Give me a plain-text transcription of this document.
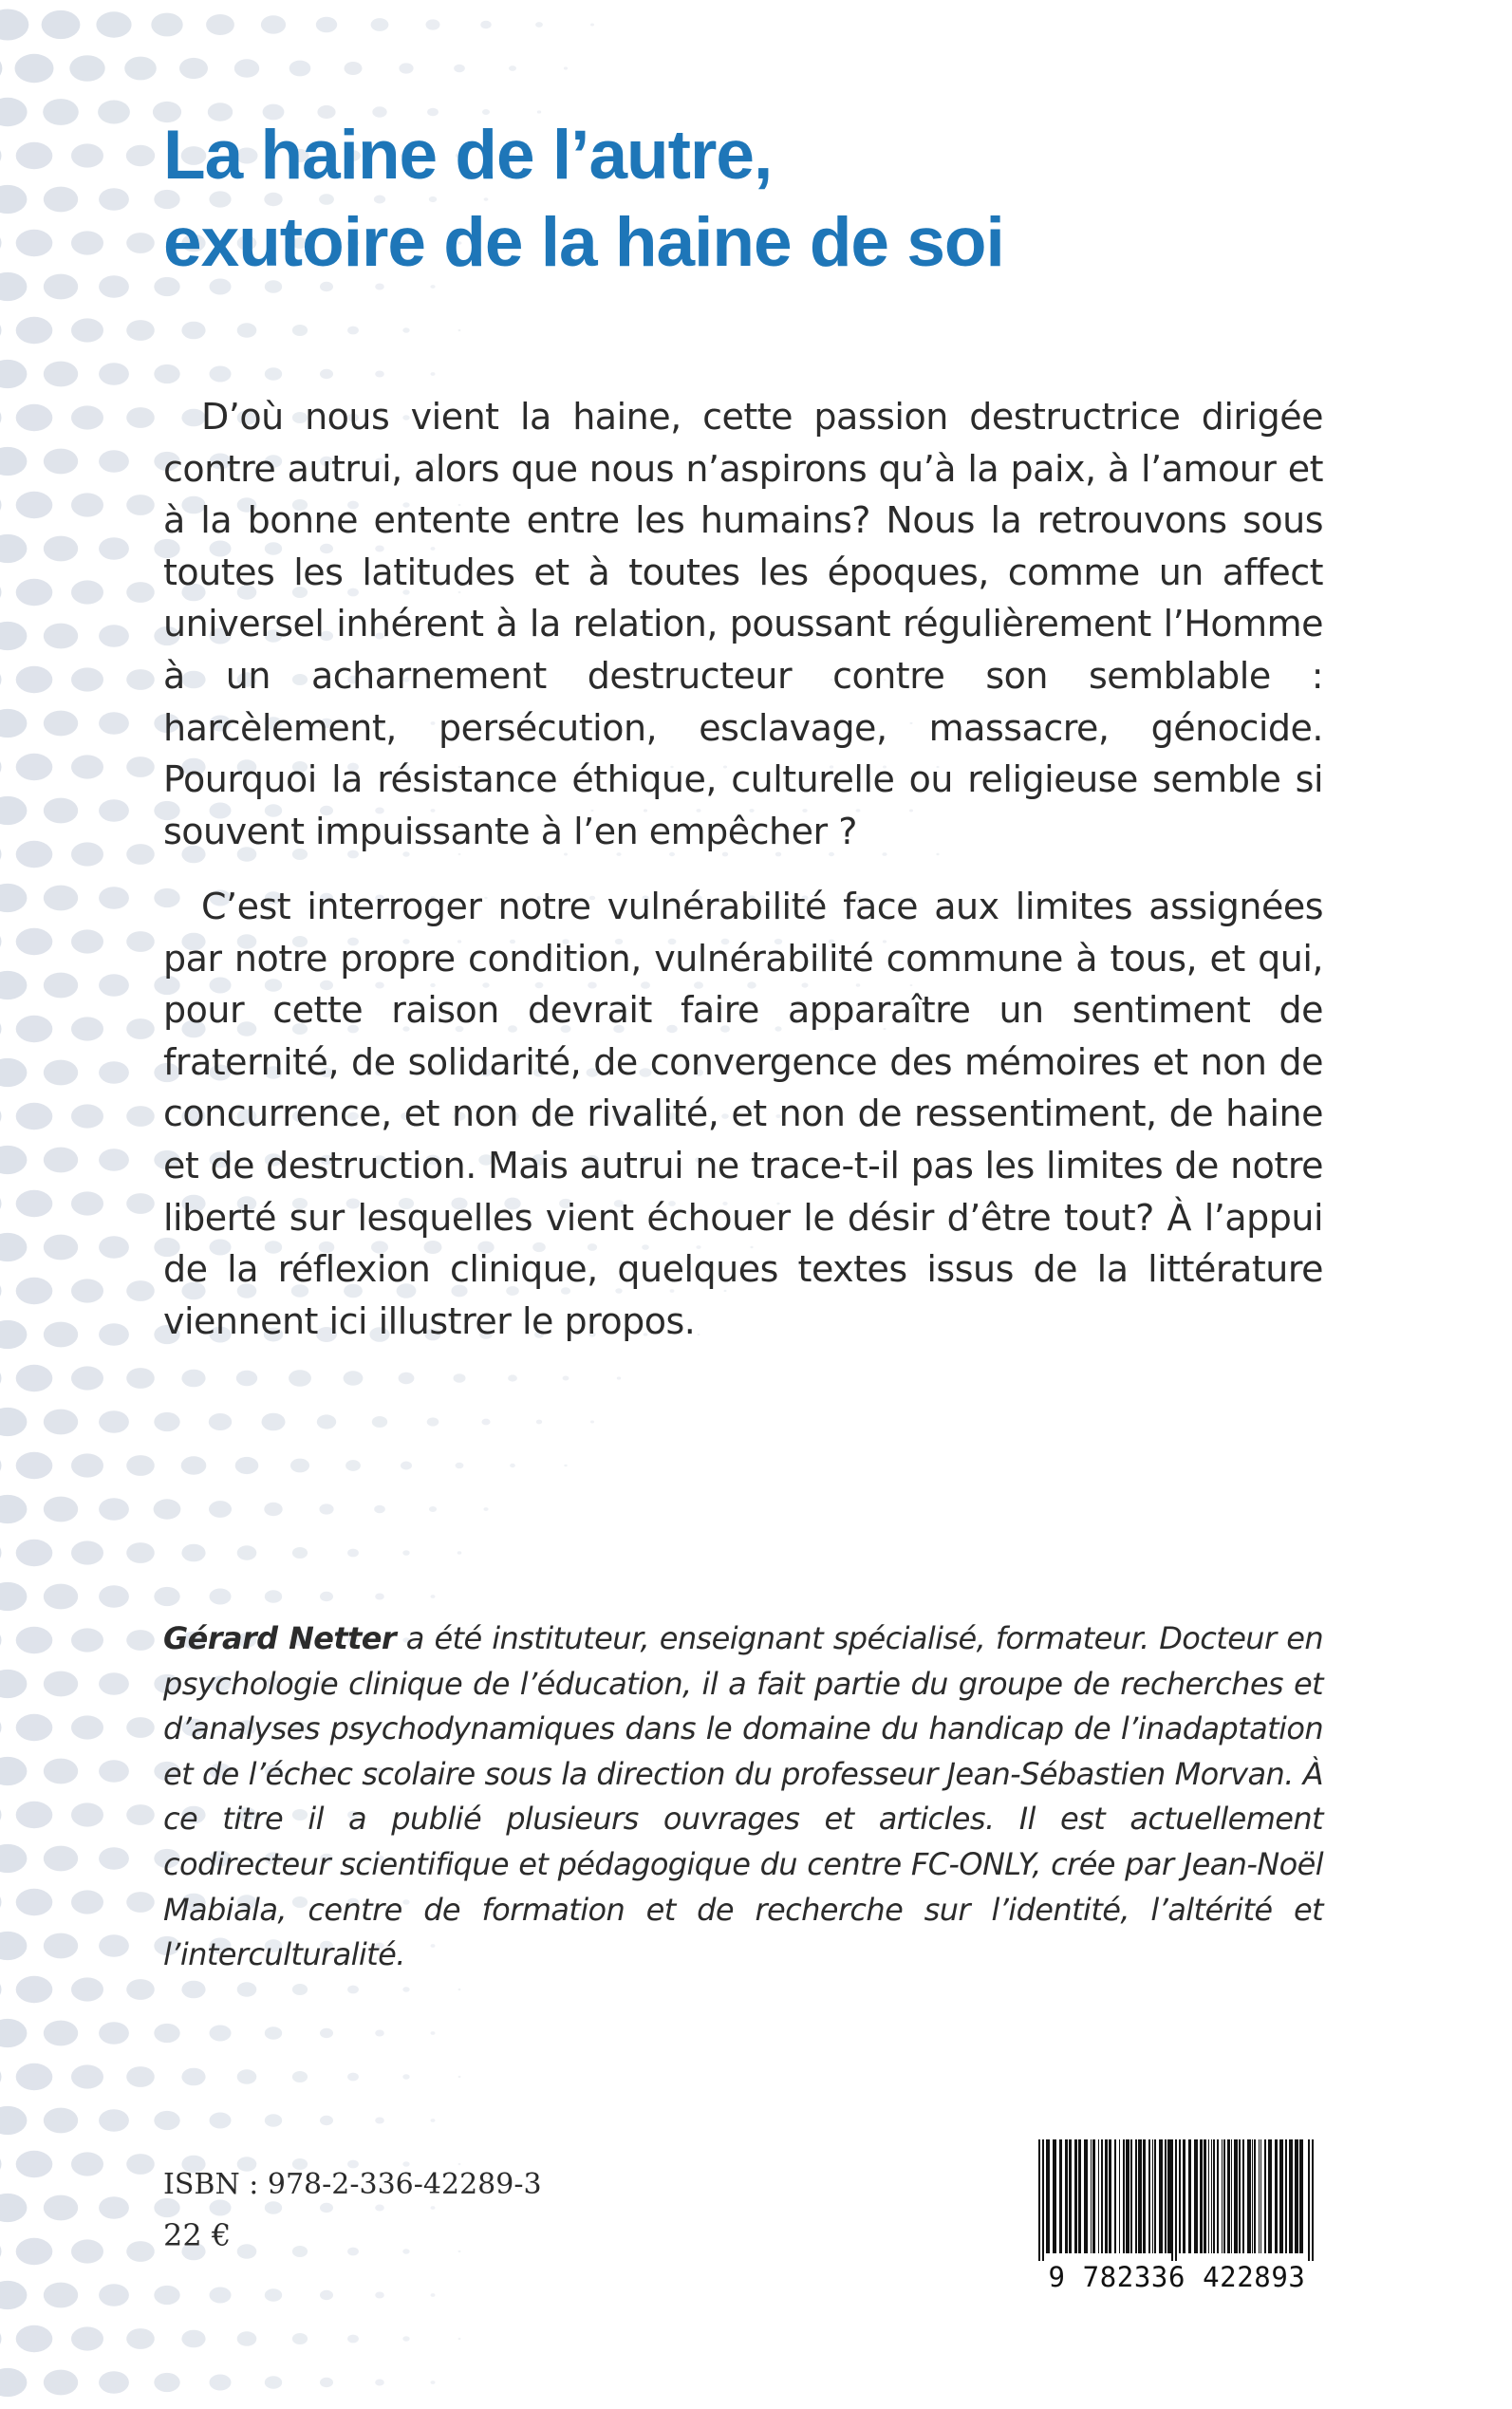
La haine de l’autre,
exutoire de la haine de soi

D’où nous vient la haine, cette passion destructrice dirigée contre autrui, alors que nous n’aspirons qu’à la paix, à l’amour et à la bonne entente entre les humains? Nous la retrouvons sous toutes les latitudes et à toutes les époques, comme un affect universel inhérent à la relation, poussant régulièrement l’Homme à un acharnement destructeur contre son semblable : harcèlement, persécution, esclavage, massacre, génocide. Pourquoi la résistance éthique, culturelle ou religieuse semble si souvent impuissante à l’en empêcher ?

C’est interroger notre vulnérabilité face aux limites assignées par notre propre condition, vulnérabilité commune à tous, et qui, pour cette raison devrait faire apparaître un sentiment de fraternité, de solidarité, de convergence des mémoires et non de concurrence, et non de rivalité, et non de ressentiment, de haine et de destruction. Mais autrui ne trace-t-il pas les limites de notre liberté sur lesquelles vient échouer le désir d’être tout? À l’appui de la réflexion clinique, quelques textes issus de la littérature viennent ici illustrer le propos.

Gérard Netter a été instituteur, enseignant spécialisé, formateur. Docteur en psychologie clinique de l’éducation, il a fait partie du groupe de recherches et d’analyses psychodynamiques dans le domaine du handicap de l’inadaptation et de l’échec scolaire sous la direction du professeur Jean-Sébastien Morvan. À ce titre il a publié plusieurs ouvrages et articles. Il est actuellement codirecteur scientifique et pédagogique du centre FC-ONLY, crée par Jean-Noël Mabiala, centre de formation et de recherche sur l’identité, l’altérité et l’interculturalité.

ISBN : 978-2-336-42289-3
22 €
9 782336 422893
